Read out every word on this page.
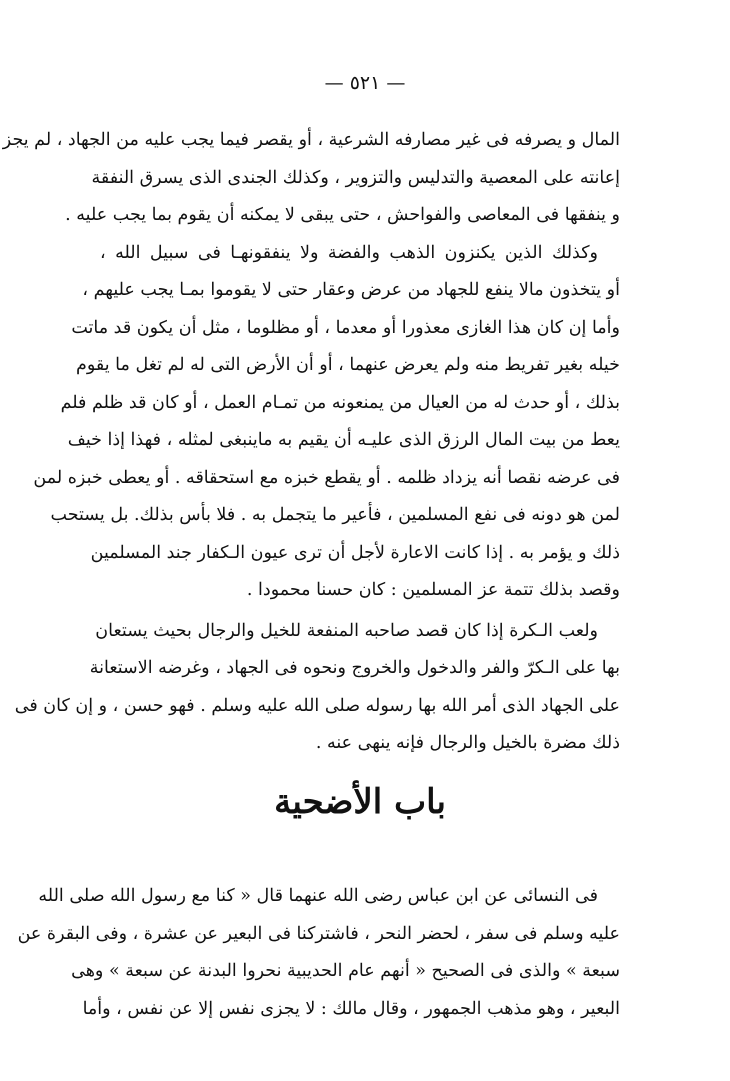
— ٥٢١ —
المال و يصرفه فى غير مصارفه الشرعية ، أو يقصر فيما يجب عليه من الجهاد ، لم يجز
إعانته على المعصية والتدليس والتزوير ، وكذلك الجندى الذى يسرق النفقة
و ينفقها فى المعاصى والفواحش ، حتى يبقى لا يمكنه أن يقوم بما يجب عليه .
وكذلك الذين يكنزون الذهب والفضة ولا ينفقونهـا فى سبيل الله ،
أو يتخذون مالا ينفع للجهاد من عرض وعقار حتى لا يقوموا بمـا يجب عليهم ،
وأما إن كان هذا الغازى معذورا أو معدما ، أو مظلوما ، مثل أن يكون قد ماتت
خيله بغير تفريط منه ولم يعرض عنهما ، أو أن الأرض التى له لم تغل ما يقوم
بذلك ، أو حدث له من العيال من يمنعونه من تمـام العمل ، أو كان قد ظلم فلم
يعط من بيت المال الرزق الذى عليـه أن يقيم به ماينبغى لمثله ، فهذا إذا خيف
فى عرضه نقصا أنه يزداد ظلمه . أو يقطع خبزه مع استحقاقه . أو يعطى خبزه لمن
لمن هو دونه فى نفع المسلمين ، فأعير ما يتجمل به . فلا بأس بذلك. بل يستحب
ذلك و يؤمر به . إذا كانت الاعارة لأجل أن ترى عيون الـكفار جند المسلمين
وقصد بذلك تتمة عز المسلمين : كان حسنا محمودا .
ولعب الـكرة إذا كان قصد صاحبه المنفعة للخيل والرجال بحيث يستعان
بها على الـكرّ والفر والدخول والخروج ونحوه فى الجهاد ، وغرضه الاستعانة
على الجهاد الذى أمر الله بها رسوله صلى الله عليه وسلم . فهو حسن ، و إن كان فى
ذلك مضرة بالخيل والرجال فإنه ينهى عنه .
باب الأضحية
فى النسائى عن ابن عباس رضى الله عنهما قال « كنا مع رسول الله صلى الله
عليه وسلم فى سفر ، لحضر النحر ، فاشتركنا فى البعير عن عشرة ، وفى البقرة عن
سبعة » والذى فى الصحيح « أنهم عام الحديبية نحروا البدنة عن سبعة » وهى
البعير ، وهو مذهب الجمهور ، وقال مالك : لا يجزى نفس إلا عن نفس ، وأما
